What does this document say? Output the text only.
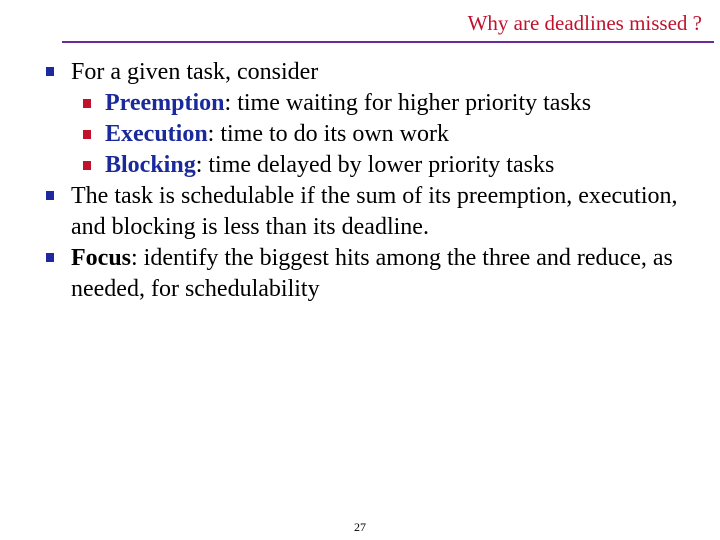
Why are deadlines missed ?
For a given task, consider
Preemption: time waiting for higher priority tasks
Execution: time to do its own work
Blocking: time delayed by lower priority tasks
The task is schedulable if the sum of its preemption, execution, and blocking is less than its deadline.
Focus: identify the biggest hits among the three and reduce, as needed, for schedulability
27
